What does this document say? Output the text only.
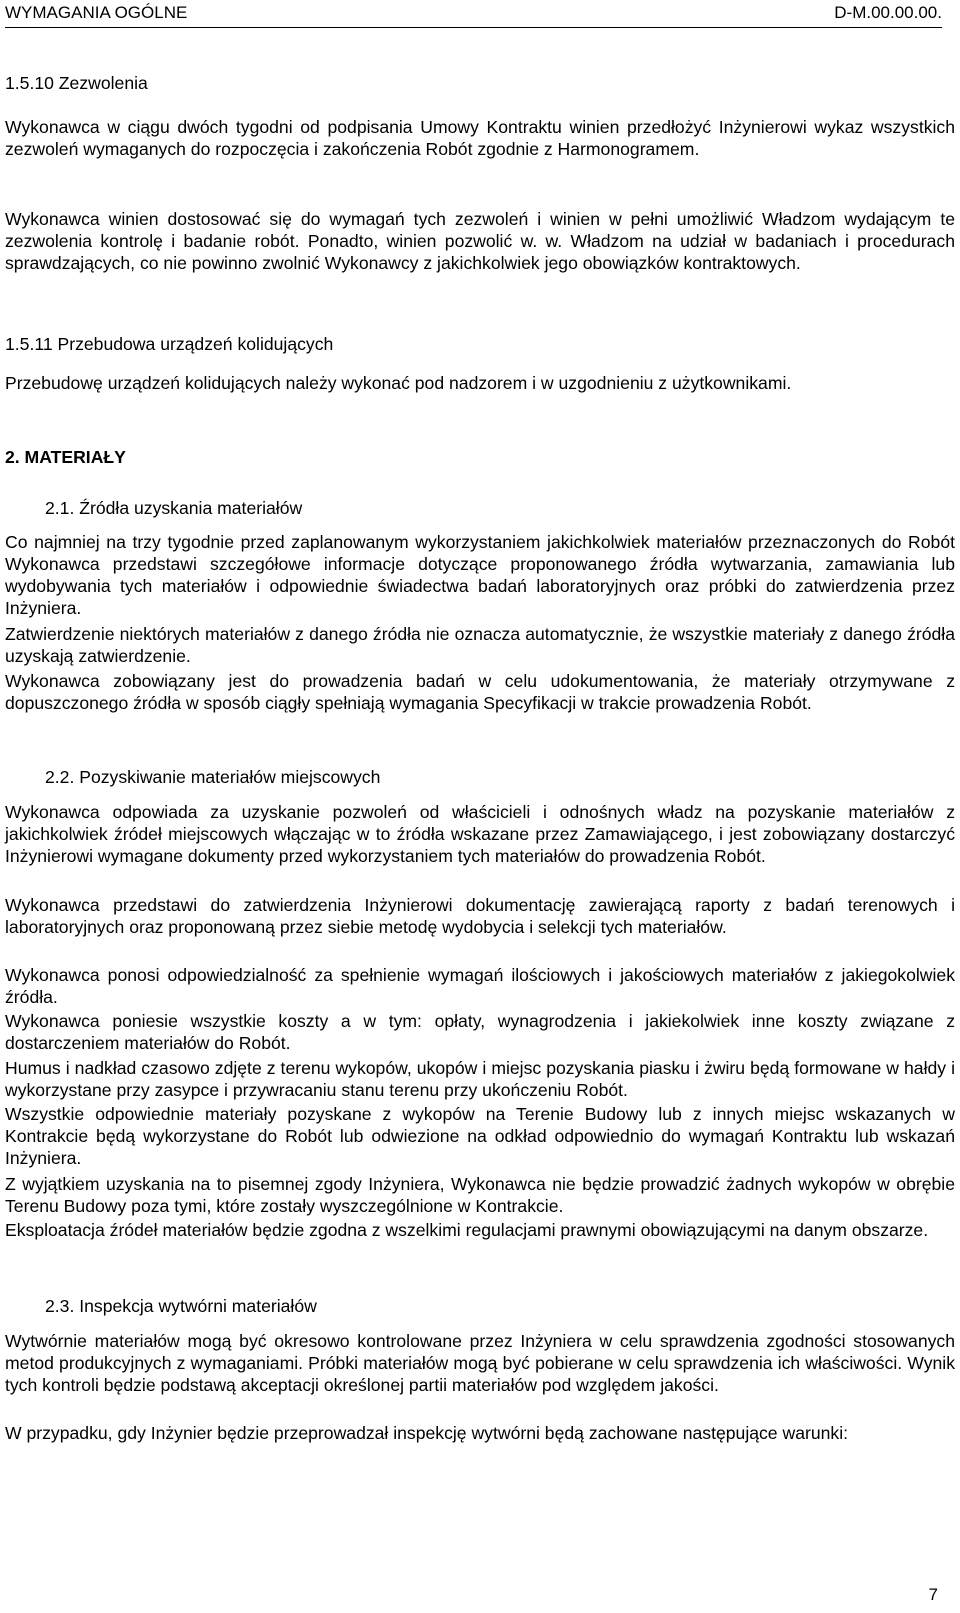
WYMAGANIA OGÓLNE	D-M.00.00.00.
1.5.10 Zezwolenia
Wykonawca w ciągu dwóch tygodni od podpisania Umowy Kontraktu winien przedłożyć Inżynierowi wykaz wszystkich zezwoleń wymaganych do rozpoczęcia i zakończenia Robót zgodnie z Harmonogramem.
Wykonawca winien dostosować się do wymagań tych zezwoleń i winien w pełni umożliwić Władzom wydającym te zezwolenia kontrolę i badanie robót. Ponadto, winien pozwolić w. w. Władzom na udział w badaniach i procedurach sprawdzających, co nie powinno zwolnić Wykonawcy z jakichkolwiek jego obowiązków kontraktowych.
1.5.11 Przebudowa urządzeń kolidujących
Przebudowę urządzeń kolidujących należy wykonać pod nadzorem i w uzgodnieniu z użytkownikami.
2. MATERIAŁY
2.1. Źródła uzyskania materiałów
Co najmniej na trzy tygodnie przed zaplanowanym wykorzystaniem jakichkolwiek materiałów przeznaczonych do Robót Wykonawca przedstawi szczegółowe informacje dotyczące proponowanego źródła wytwarzania, zamawiania lub wydobywania tych materiałów i odpowiednie świadectwa badań laboratoryjnych oraz próbki do zatwierdzenia przez Inżyniera.
Zatwierdzenie niektórych materiałów z danego źródła nie oznacza automatycznie, że wszystkie materiały z danego źródła uzyskają zatwierdzenie.
Wykonawca zobowiązany jest do prowadzenia badań w celu udokumentowania, że materiały otrzymywane z dopuszczonego źródła w sposób ciągły spełniają wymagania Specyfikacji w trakcie prowadzenia Robót.
2.2. Pozyskiwanie materiałów miejscowych
Wykonawca odpowiada za uzyskanie pozwoleń od właścicieli i odnośnych władz na pozyskanie materiałów z jakichkolwiek źródeł miejscowych włączając w to źródła wskazane przez Zamawiającego, i jest zobowiązany dostarczyć Inżynierowi wymagane dokumenty przed wykorzystaniem tych materiałów do prowadzenia Robót.
Wykonawca przedstawi do zatwierdzenia Inżynierowi dokumentację zawierającą raporty z badań terenowych i laboratoryjnych oraz proponowaną przez siebie metodę wydobycia i selekcji tych materiałów.
Wykonawca ponosi odpowiedzialność za spełnienie wymagań ilościowych i jakościowych materiałów z jakiegokolwiek źródła.
Wykonawca poniesie wszystkie koszty a w tym: opłaty, wynagrodzenia i jakiekolwiek inne koszty związane z dostarczeniem materiałów do Robót.
Humus i nadkład czasowo zdjęte z terenu wykopów, ukopów i miejsc pozyskania piasku i żwiru będą formowane w hałdy i wykorzystane przy zasypce i przywracaniu stanu terenu przy ukończeniu Robót.
Wszystkie odpowiednie materiały pozyskane z wykopów na Terenie Budowy lub z innych miejsc wskazanych w Kontrakcie będą wykorzystane do Robót lub odwiezione na odkład odpowiednio do wymagań Kontraktu lub wskazań Inżyniera.
Z wyjątkiem uzyskania na to pisemnej zgody Inżyniera, Wykonawca nie będzie prowadzić żadnych wykopów w obrębie Terenu Budowy poza tymi, które zostały wyszczególnione w Kontrakcie.
Eksploatacja źródeł materiałów będzie zgodna z wszelkimi regulacjami prawnymi obowiązującymi na danym obszarze.
2.3. Inspekcja wytwórni materiałów
Wytwórnie materiałów mogą być okresowo kontrolowane przez Inżyniera w celu sprawdzenia zgodności stosowanych metod produkcyjnych z wymaganiami. Próbki materiałów mogą być pobierane w celu sprawdzenia ich właściwości. Wynik tych kontroli będzie podstawą akceptacji określonej partii materiałów pod względem jakości.
W przypadku, gdy Inżynier będzie przeprowadzał inspekcję wytwórni będą zachowane następujące warunki:
7
